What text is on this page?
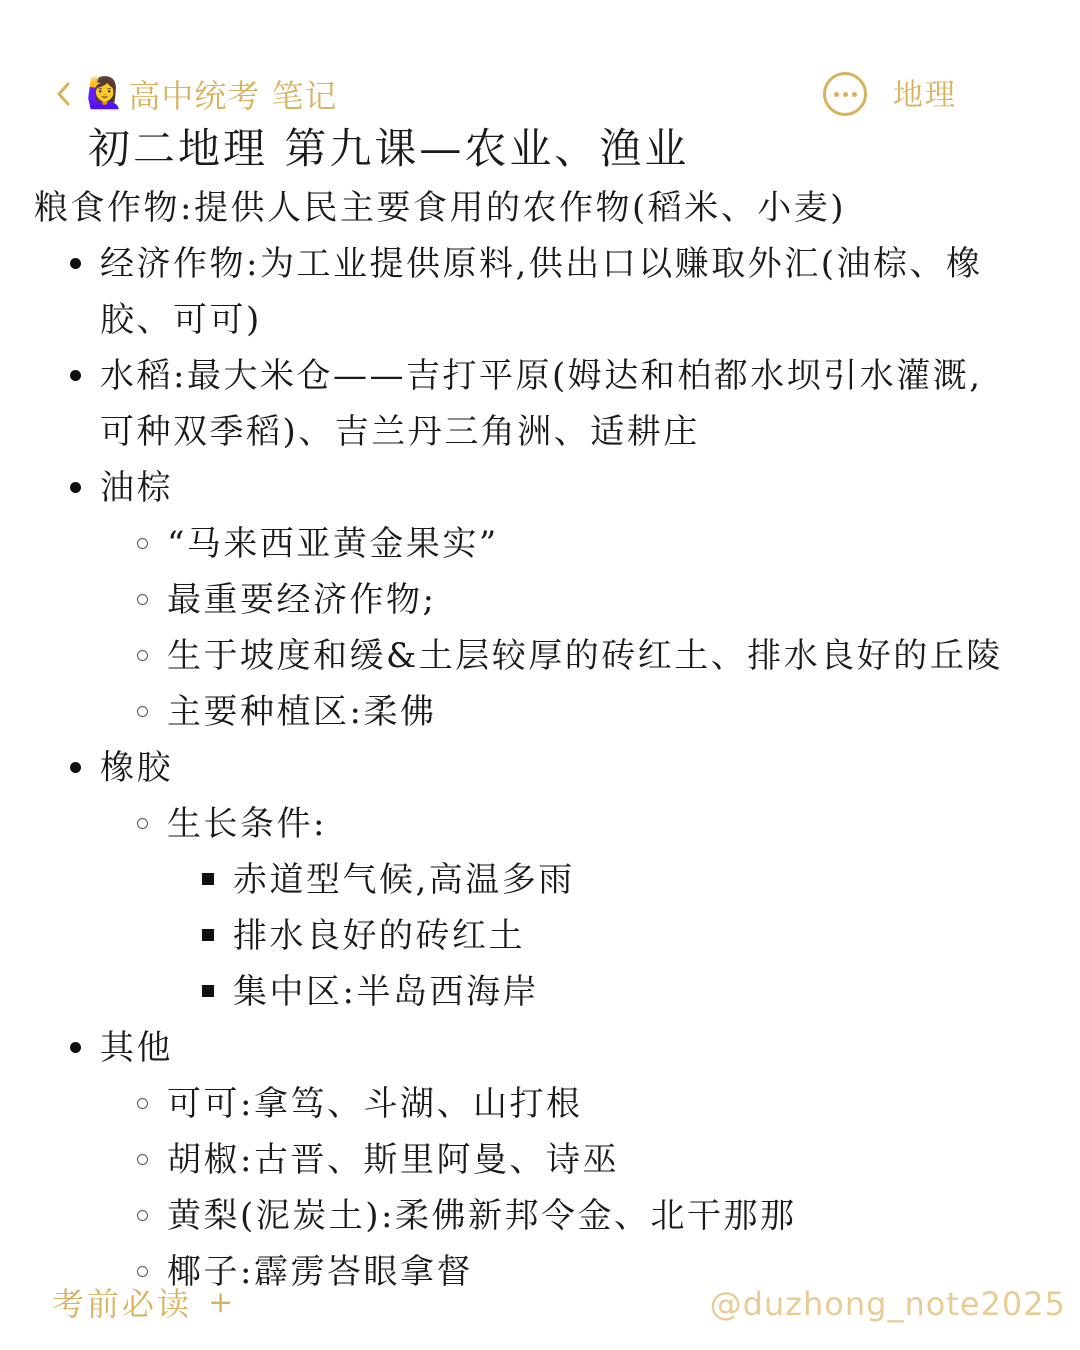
🙋‍♀️ 高中统考 笔记	地理
初二地理 第九课—农业、渔业
粮食作物:提供人民主要食用的农作物(稻米、小麦)
经济作物:为工业提供原料,供出口以赚取外汇(油棕、橡
胶、可可)
水稻:最大米仓——吉打平原(姆达和柏都水坝引水灌溉,
可种双季稻)、吉兰丹三角洲、适耕庄
油棕
“马来西亚黄金果实”
最重要经济作物;
生于坡度和缓&土层较厚的砖红土、排水良好的丘陵
主要种植区:柔佛
橡胶
生长条件:
赤道型气候,高温多雨
排水良好的砖红土
集中区:半岛西海岸
其他
可可:拿笃、斗湖、山打根
胡椒:古晋、斯里阿曼、诗巫
黄梨(泥炭土):柔佛新邦令金、北干那那
椰子:霹雳峇眼拿督
考前必读 +	@duzhong_note2025
